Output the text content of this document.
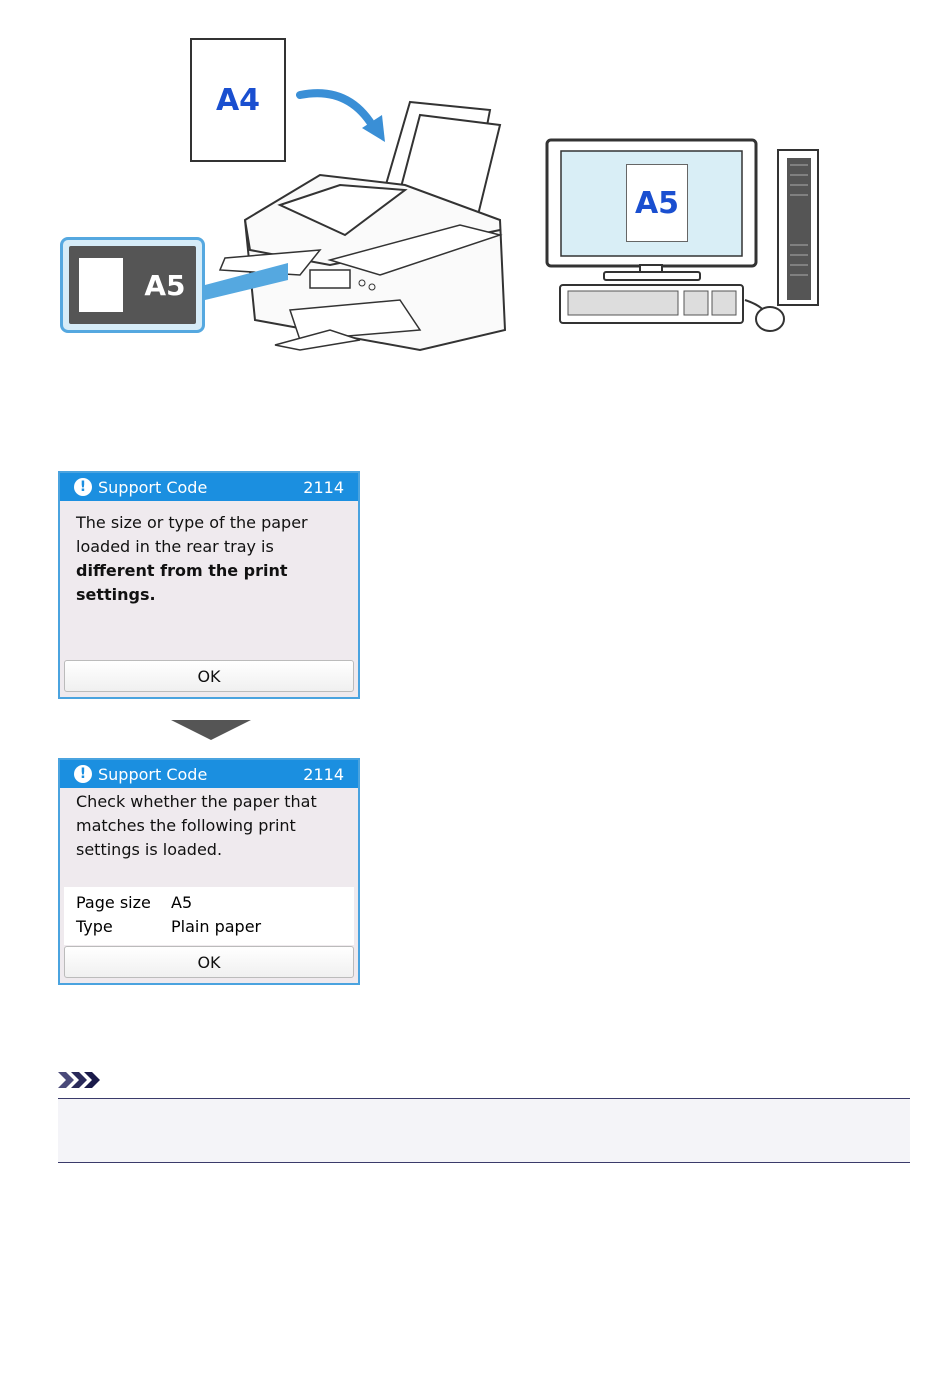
A4
A5
A5
! Support Code	2114
The size or type of the paper
loaded in the rear tray is
different from the print settings.
OK
! Support Code	2114
Check whether the paper that
matches the following print
settings is loaded.
Page size	A5
Type	Plain paper
OK
